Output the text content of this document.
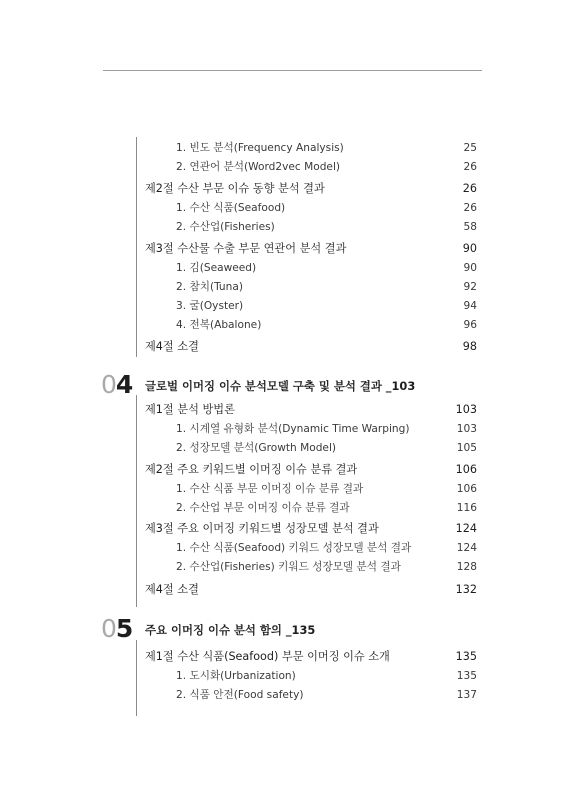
1. 빈도 분석(Frequency Analysis)	25
2. 연관어 분석(Word2vec Model)	26
제2절 수산 부문 이슈 동향 분석 결과	26
1. 수산 식품(Seafood)	26
2. 수산업(Fisheries)	58
제3절 수산물 수출 부문 연관어 분석 결과	90
1. 김(Seaweed)	90
2. 참치(Tuna)	92
3. 굴(Oyster)	94
4. 전복(Abalone)	96
제4절 소결	98
04 글로벌 이머징 이슈 분석모델 구축 및 분석 결과 _103
제1절 분석 방법론	103
1. 시계열 유형화 분석(Dynamic Time Warping)	103
2. 성장모델 분석(Growth Model)	105
제2절 주요 키워드별 이머징 이슈 분류 결과	106
1. 수산 식품 부문 이머징 이슈 분류 결과	106
2. 수산업 부문 이머징 이슈 분류 결과	116
제3절 주요 이머징 키워드별 성장모델 분석 결과	124
1. 수산 식품(Seafood) 키워드 성장모델 분석 결과	124
2. 수산업(Fisheries) 키워드 성장모델 분석 결과	128
제4절 소결	132
05 주요 이머징 이슈 분석 함의 _135
제1절 수산 식품(Seafood) 부문 이머징 이슈 소개	135
1. 도시화(Urbanization)	135
2. 식품 안전(Food safety)	137
